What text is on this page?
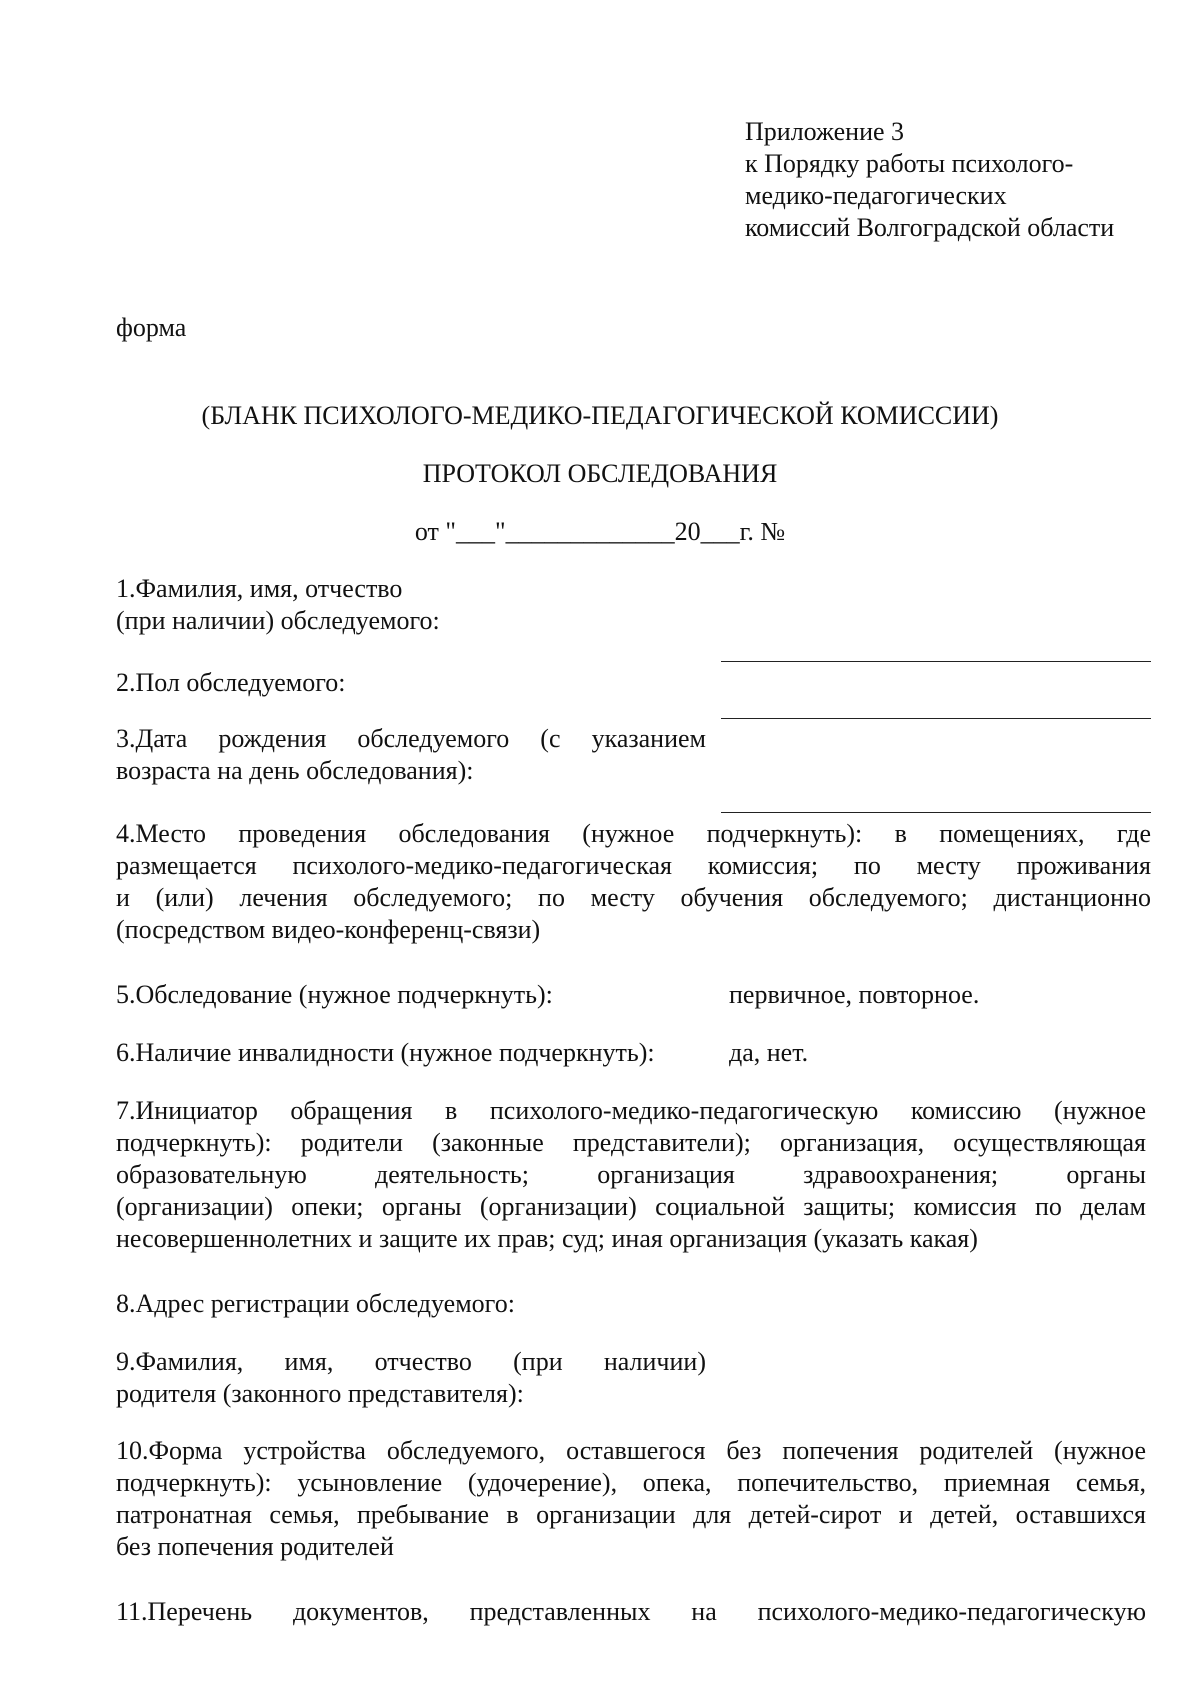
Приложение 3
к Порядку работы психолого-
медико-педагогических
комиссий Волгоградской области
форма
(БЛАНК ПСИХОЛОГО-МЕДИКО-ПЕДАГОГИЧЕСКОЙ КОМИССИИ)
ПРОТОКОЛ ОБСЛЕДОВАНИЯ
от "___"_____________20___г. №
1.Фамилия, имя, отчество
(при наличии) обследуемого:
2.Пол обследуемого:
3.Дата рождения обследуемого (с указанием
возраста на день обследования):
4.Место проведения обследования (нужное подчеркнуть): в помещениях, где
размещается психолого-медико-педагогическая комиссия; по месту проживания
и (или) лечения обследуемого; по месту обучения обследуемого; дистанционно
(посредством видео-конференц-связи)
5.Обследование (нужное подчеркнуть):	первичное, повторное.
6.Наличие инвалидности (нужное подчеркнуть):	да, нет.
7.Инициатор обращения в психолого-медико-педагогическую комиссию (нужное
подчеркнуть): родители (законные представители); организация, осуществляющая
образовательную деятельность; организация здравоохранения; органы
(организации) опеки; органы (организации) социальной защиты; комиссия по делам
несовершеннолетних и защите их прав; суд; иная организация (указать какая)
8.Адрес регистрации обследуемого:
9.Фамилия, имя, отчество (при наличии)
родителя (законного представителя):
10.Форма устройства обследуемого, оставшегося без попечения родителей (нужное
подчеркнуть): усыновление (удочерение), опека, попечительство, приемная семья,
патронатная семья, пребывание в организации для детей-сирот и детей, оставшихся
без попечения родителей
11.Перечень документов, представленных на психолого-медико-педагогическую
